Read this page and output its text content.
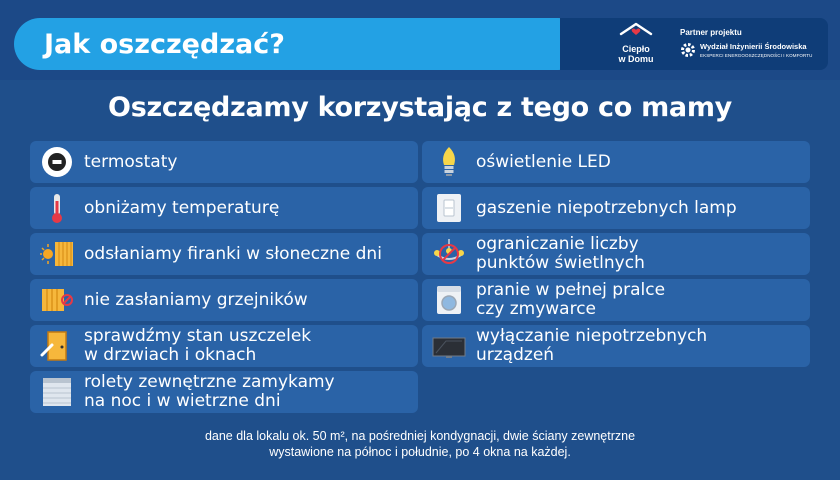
Jak oszczędzać?	Ciepło
w Domu
Partner projektu
Wydział Inżynierii Środowiska
EKSPERCI ENERGOOSZCZĘDNOŚCI I KOMFORTU
Oszczędzamy korzystając z tego co mamy
termostaty
obniżamy temperaturę
odsłaniamy firanki w słoneczne dni
nie zasłaniamy grzejników
sprawdźmy stan uszczelek
w drzwiach i oknach
rolety zewnętrzne zamykamy
na noc i w wietrzne dni
oświetlenie LED
gaszenie niepotrzebnych lamp
ograniczanie liczby
punktów świetlnych
pranie w pełnej pralce
czy zmywarce
wyłączanie niepotrzebnych
urządzeń
dane dla lokalu ok. 50 m², na pośredniej kondygnacji, dwie ściany zewnętrzne
wystawione na północ i południe, po 4 okna na każdej.
